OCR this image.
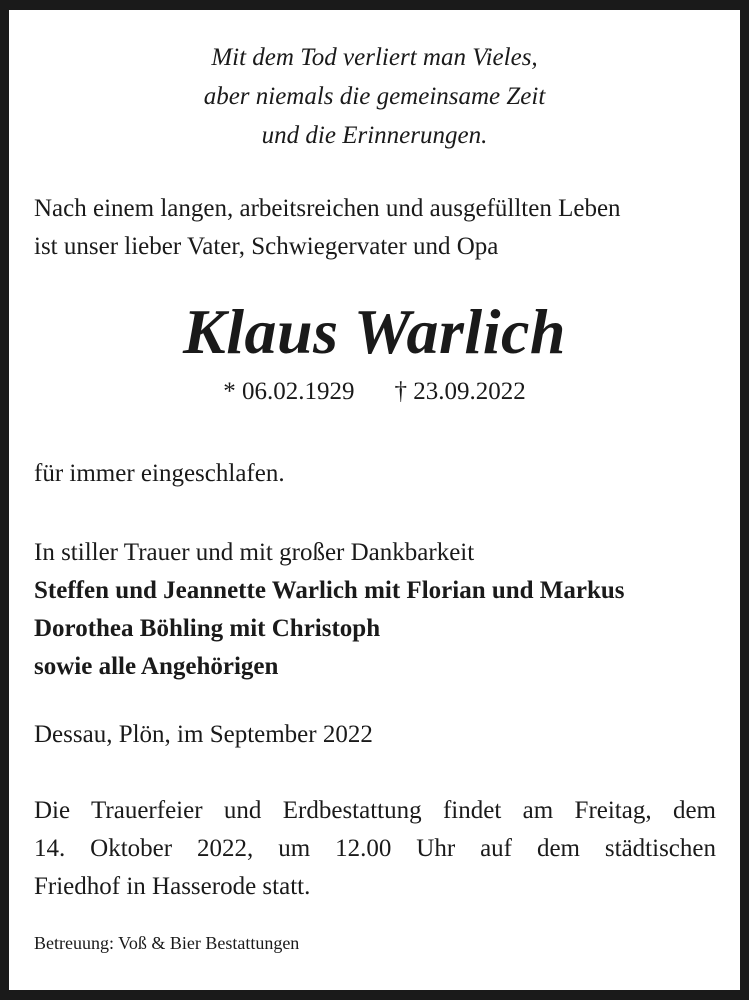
Mit dem Tod verliert man Vieles,
aber niemals die gemeinsame Zeit
und die Erinnerungen.
Nach einem langen, arbeitsreichen und ausgefüllten Leben
ist unser lieber Vater, Schwiegervater und Opa
Klaus Warlich
* 06.02.1929 † 23.09.2022
für immer eingeschlafen.
In stiller Trauer und mit großer Dankbarkeit
Steffen und Jeannette Warlich mit Florian und Markus
Dorothea Böhling mit Christoph
sowie alle Angehörigen
Dessau, Plön, im September 2022
Die Trauerfeier und Erdbestattung findet am Freitag, dem
14. Oktober 2022, um 12.00 Uhr auf dem städtischen
Friedhof in Hasserode statt.
Betreuung: Voß & Bier Bestattungen
